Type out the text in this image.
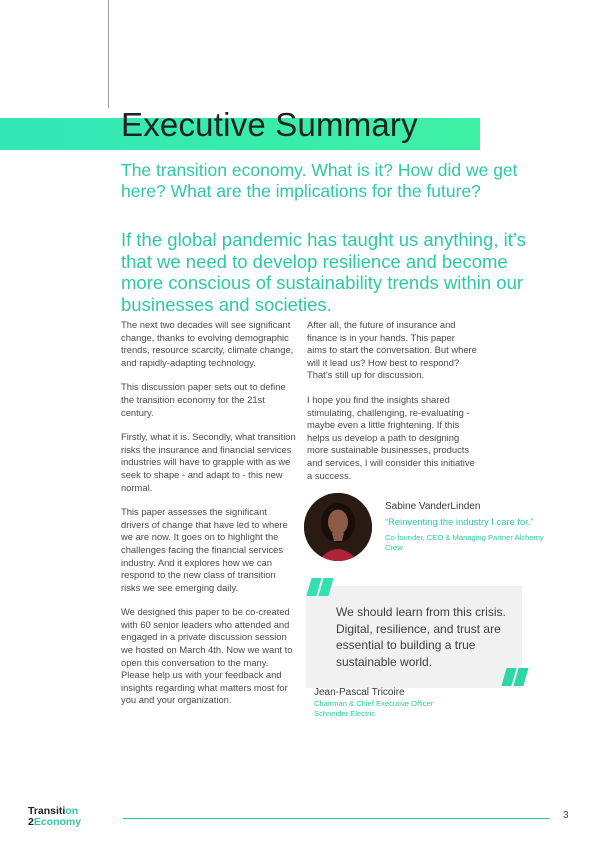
Executive Summary
The transition economy. What is it? How did we get here? What are the implications for the future?

If the global pandemic has taught us anything, it’s that we need to develop resilience and become more conscious of sustainability trends within our businesses and societies.

The next two decades will see significant change, thanks to evolving demographic trends, resource scarcity, climate change, and rapidly-adapting technology.

This discussion paper sets out to define the transition economy for the 21st century.

Firstly, what it is. Secondly, what transition risks the insurance and financial services industries will have to grapple with as we seek to shape - and adapt to - this new normal.

This paper assesses the significant drivers of change that have led to where we are now. It goes on to highlight the challenges facing the financial services industry. And it explores how we can respond to the new class of transition risks we see emerging daily.

We designed this paper to be co-created with 60 senior leaders who attended and engaged in a private discussion session we hosted on March 4th. Now we want to open this conversation to the many. Please help us with your feedback and insights regarding what matters most for you and your organization.

After all, the future of insurance and finance is in your hands. This paper aims to start the conversation. But where will it lead us? How best to respond? That’s still up for discussion.

I hope you find the insights shared stimulating, challenging, re-evaluating - maybe even a little frightening. If this helps us develop a path to designing more sustainable businesses, products and services, I will consider this initiative a success.

Sabine VanderLinden
“Reinventing the industry I care for.”
Co-founder, CEO & Managing Partner Alchemy Crew

We should learn from this crisis. Digital, resilience, and trust are essential to building a true sustainable world.

Jean-Pascal Tricoire
Chairman & Chief Executive Officer
Schneider Electric
Transition
2Economy
3
